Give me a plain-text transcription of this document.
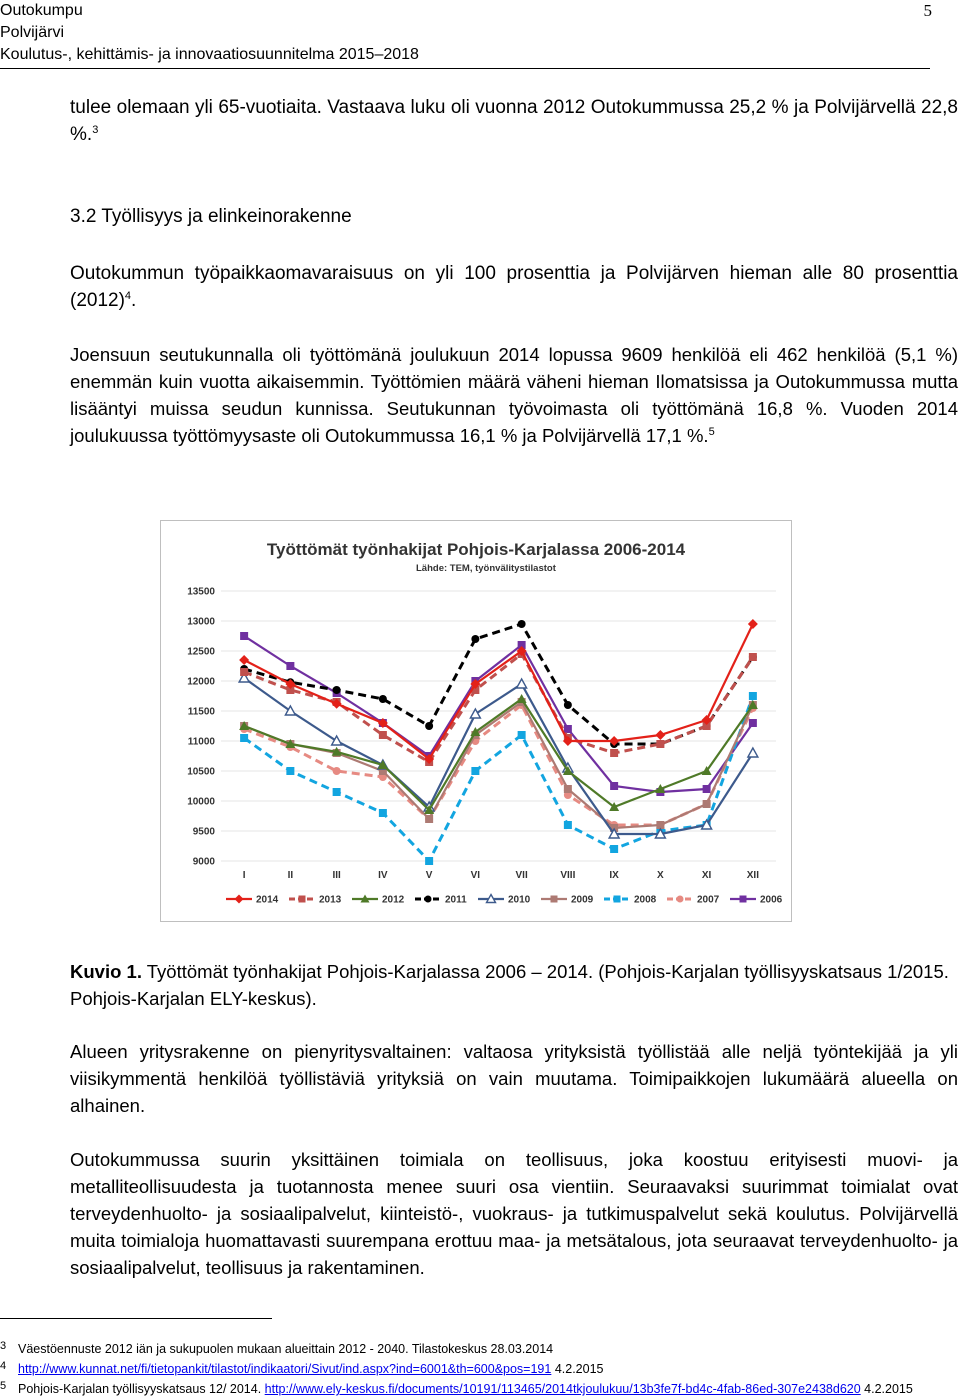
Outokumpu
Polvijärvi
Koulutus-, kehittämis- ja innovaatiosuunnitelma 2015–2018
5
tulee olemaan yli 65-vuotiaita. Vastaava luku oli vuonna 2012 Outokummussa 25,2 % ja Polvijärvellä 22,8 %.$^3$
3.2 Työllisyys ja elinkeinorakenne
Outokummun työpaikkaomavaraisuus on yli 100 prosenttia ja Polvijärven hieman alle 80 prosenttia $(2012)^4$.
Joensuun seutukunnalla oli työttömänä joulukuun 2014 lopussa 9609 henkilöä eli 462 henkilöä (5,1 %) enemmän kuin vuotta aikaisemmin. Työttömien määrä väheni hieman Ilomatsissa ja Outokummussa mutta lisääntyi muissa seudun kunnissa. Seutukunnan työvoimasta oli työttömänä 16,8 %. Vuoden 2014 joulukuussa työttömyysaste oli Outokummussa 16,1 % ja Polvijärvellä 17,1 %.$^5$
Työttömät työnhakijat Pohjois-Karjalassa 2006-2014
Lähde: TEM, työnvälitystilastot
9000
9500
10000
10500
11000
11500
12000
12500
13000
13500
I	II	III	IV	V	VI	VII	VIII	IX	X	XI	XII
2014	2013	2012	2011	2010	2009	2008	2007	2006
Kuvio 1. Työttömät työnhakijat Pohjois-Karjalassa 2006 – 2014. (Pohjois-Karjalan työllisyyskatsaus 1/2015. Pohjois-Karjalan ELY-keskus).
Alueen yritysrakenne on pienyritysvaltainen: valtaosa yrityksistä työllistää alle neljä työntekijää ja yli viisikymmentä henkilöä työllistäviä yrityksiä on vain muutama. Toimipaikkojen lukumäärä alueella on alhainen.
Outokummussa suurin yksittäinen toimiala on teollisuus, joka koostuu erityisesti muovi- ja metalliteollisuudesta ja tuotannosta menee suuri osa vientiin. Seuraavaksi suurimmat toimialat ovat terveydenhuolto- ja sosiaalipalvelut, kiinteistö-, vuokraus- ja tutkimuspalvelut sekä koulutus. Polvijärvellä muita toimialoja huomattavasti suurempana erottuu maa- ja metsätalous, jota seuraavat terveydenhuolto- ja sosiaalipalvelut, teollisuus ja rakentaminen.
3 Väestöennuste 2012 iän ja sukupuolen mukaan alueittain 2012 - 2040. Tilastokeskus 28.03.2014
4 http://www.kunnat.net/fi/tietopankit/tilastot/indikaatori/Sivut/ind.aspx?ind=6001&th=600&pos=191 4.2.2015
5 Pohjois-Karjalan työllisyyskatsaus 12/ 2014. http://www.ely-keskus.fi/documents/10191/113465/2014tkjoulukuu/13b3fe7f-bd4c-4fab-86ed-307e2438d620 4.2.2015
